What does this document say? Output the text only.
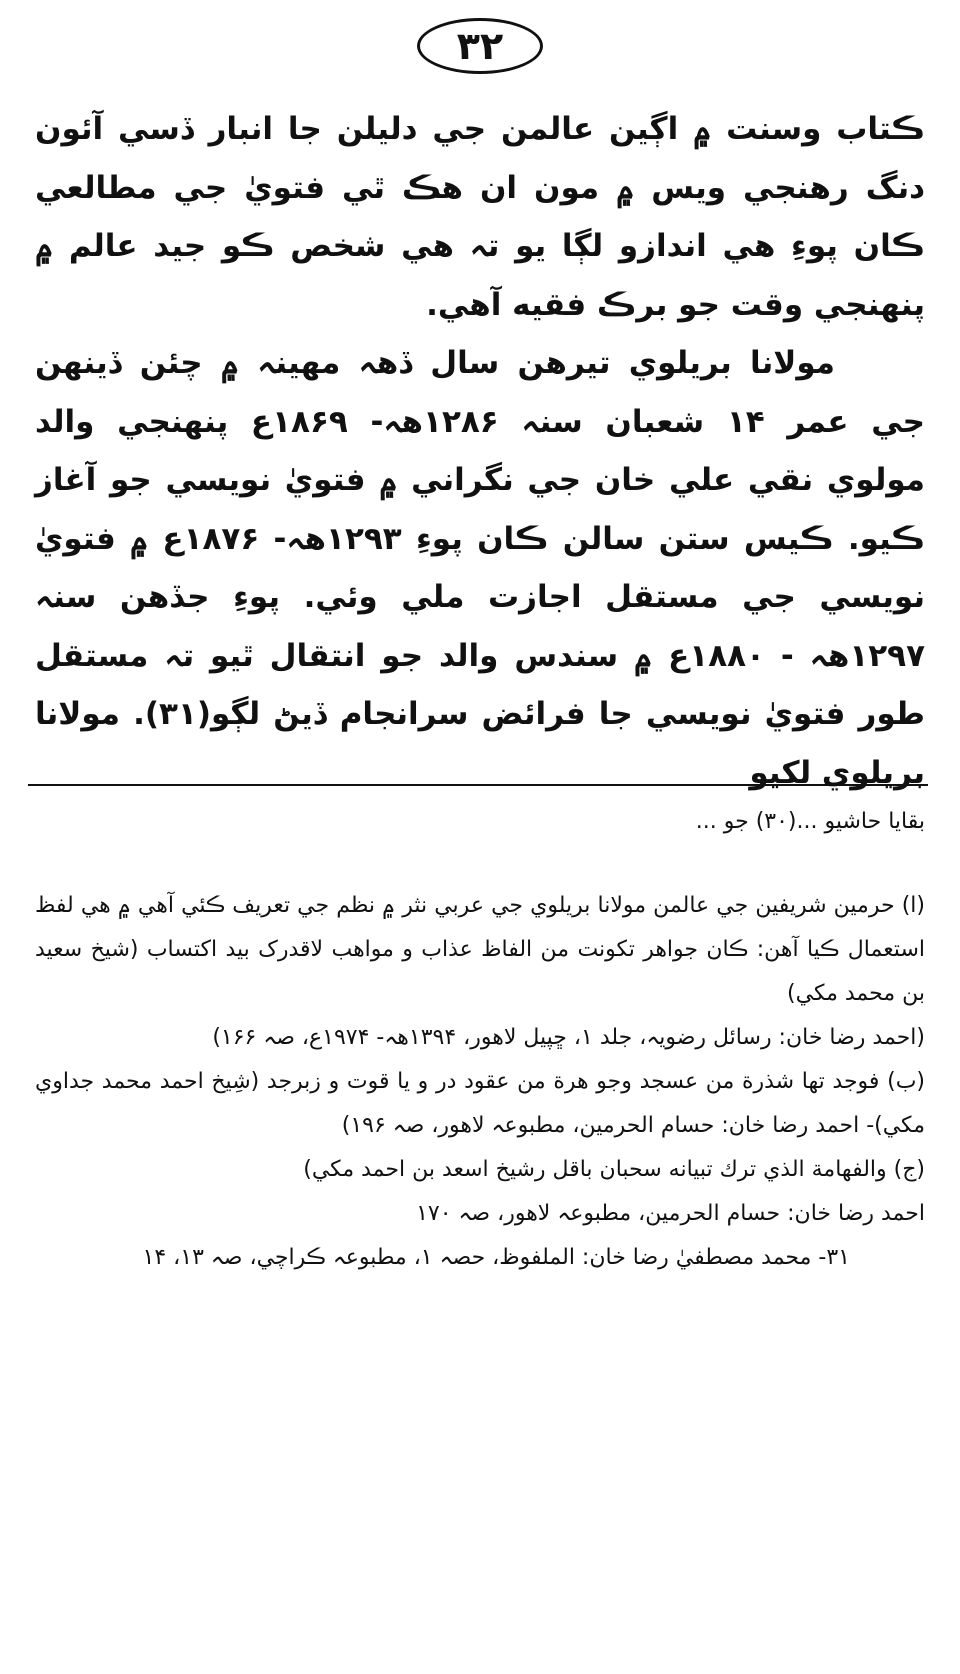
۳۲

ڪتاب وسنت ۾ اڳين عالمن جي دليلن جا انبار ڏسي آئون دنگ رهنجي ويس ۾ مون ان هڪ ٿي فتويٰ جي مطالعي ڪان پوءِ هي اندازو لڳا يو تہ هي شخص ڪو جيد عالم ۾ پنهنجي وقت جو برڪ فقيه آهي.

مولانا بريلوي تيرهن سال ڏهہ مهينہ ۾ چئن ڏينهن جي عمر ۱۴ شعبان سنہ ۱۲۸۶هہ- ۱۸۶۹ع پنهنجي والد مولوي نقي علي خان جي نگراني ۾ فتويٰ نويسي جو آغاز ڪيو. ڪيس ستن سالن ڪان پوءِ ۱۲۹۳هہ- ۱۸۷۶ع ۾ فتويٰ نويسي جي مستقل اجازت ملي وئي. پوءِ جڏهن سنہ ۱۲۹۷هہ - ۱۸۸۰ع ۾ سندس والد جو انتقال ٿيو تہ مستقل طور فتويٰ نويسي جا فرائض سرانجام ڏيڻ لڳو(۳۱). مولانا بريلوي لکيو

بقايا حاشيو ...(۳۰) جو ...

(ا) حرمين شريفين جي عالمن مولانا بريلوي جي عربي نثر ۾ نظم جي تعريف ڪئي آهي ۾ هي لفظ استعمال ڪيا آهن: ڪان جواهر تكونت من الفاظ عذاب و مواهب لاقدرک بيد اكتساب (شيخ سعيد بن محمد مكي)

(احمد رضا خان: رسائل رضويہ، جلد ۱، ڇپيل لاهور، ۱۳۹۴هہ- ۱۹۷۴ع، صہ ۱۶۶)

(ب) فوجد تها شذرة من عسجد وجو هرة من عقود در و يا قوت و زبرجد (شِيخ احمد محمد جداوي مكي)- احمد رضا خان: حسام الحرمين، مطبوعہ لاهور، صہ ۱۹۶)

(ج) والفهامة الذي ترك تبيانه سحبان باقل رشيخ اسعد بن احمد مكي)

احمد رضا خان: حسام الحرمين، مطبوعہ لاهور، صہ ۱۷۰

۳۱- محمد مصطفيٰ رضا خان: الملفوظ، حصہ ۱، مطبوعہ ڪراچي، صہ ۱۳، ۱۴
